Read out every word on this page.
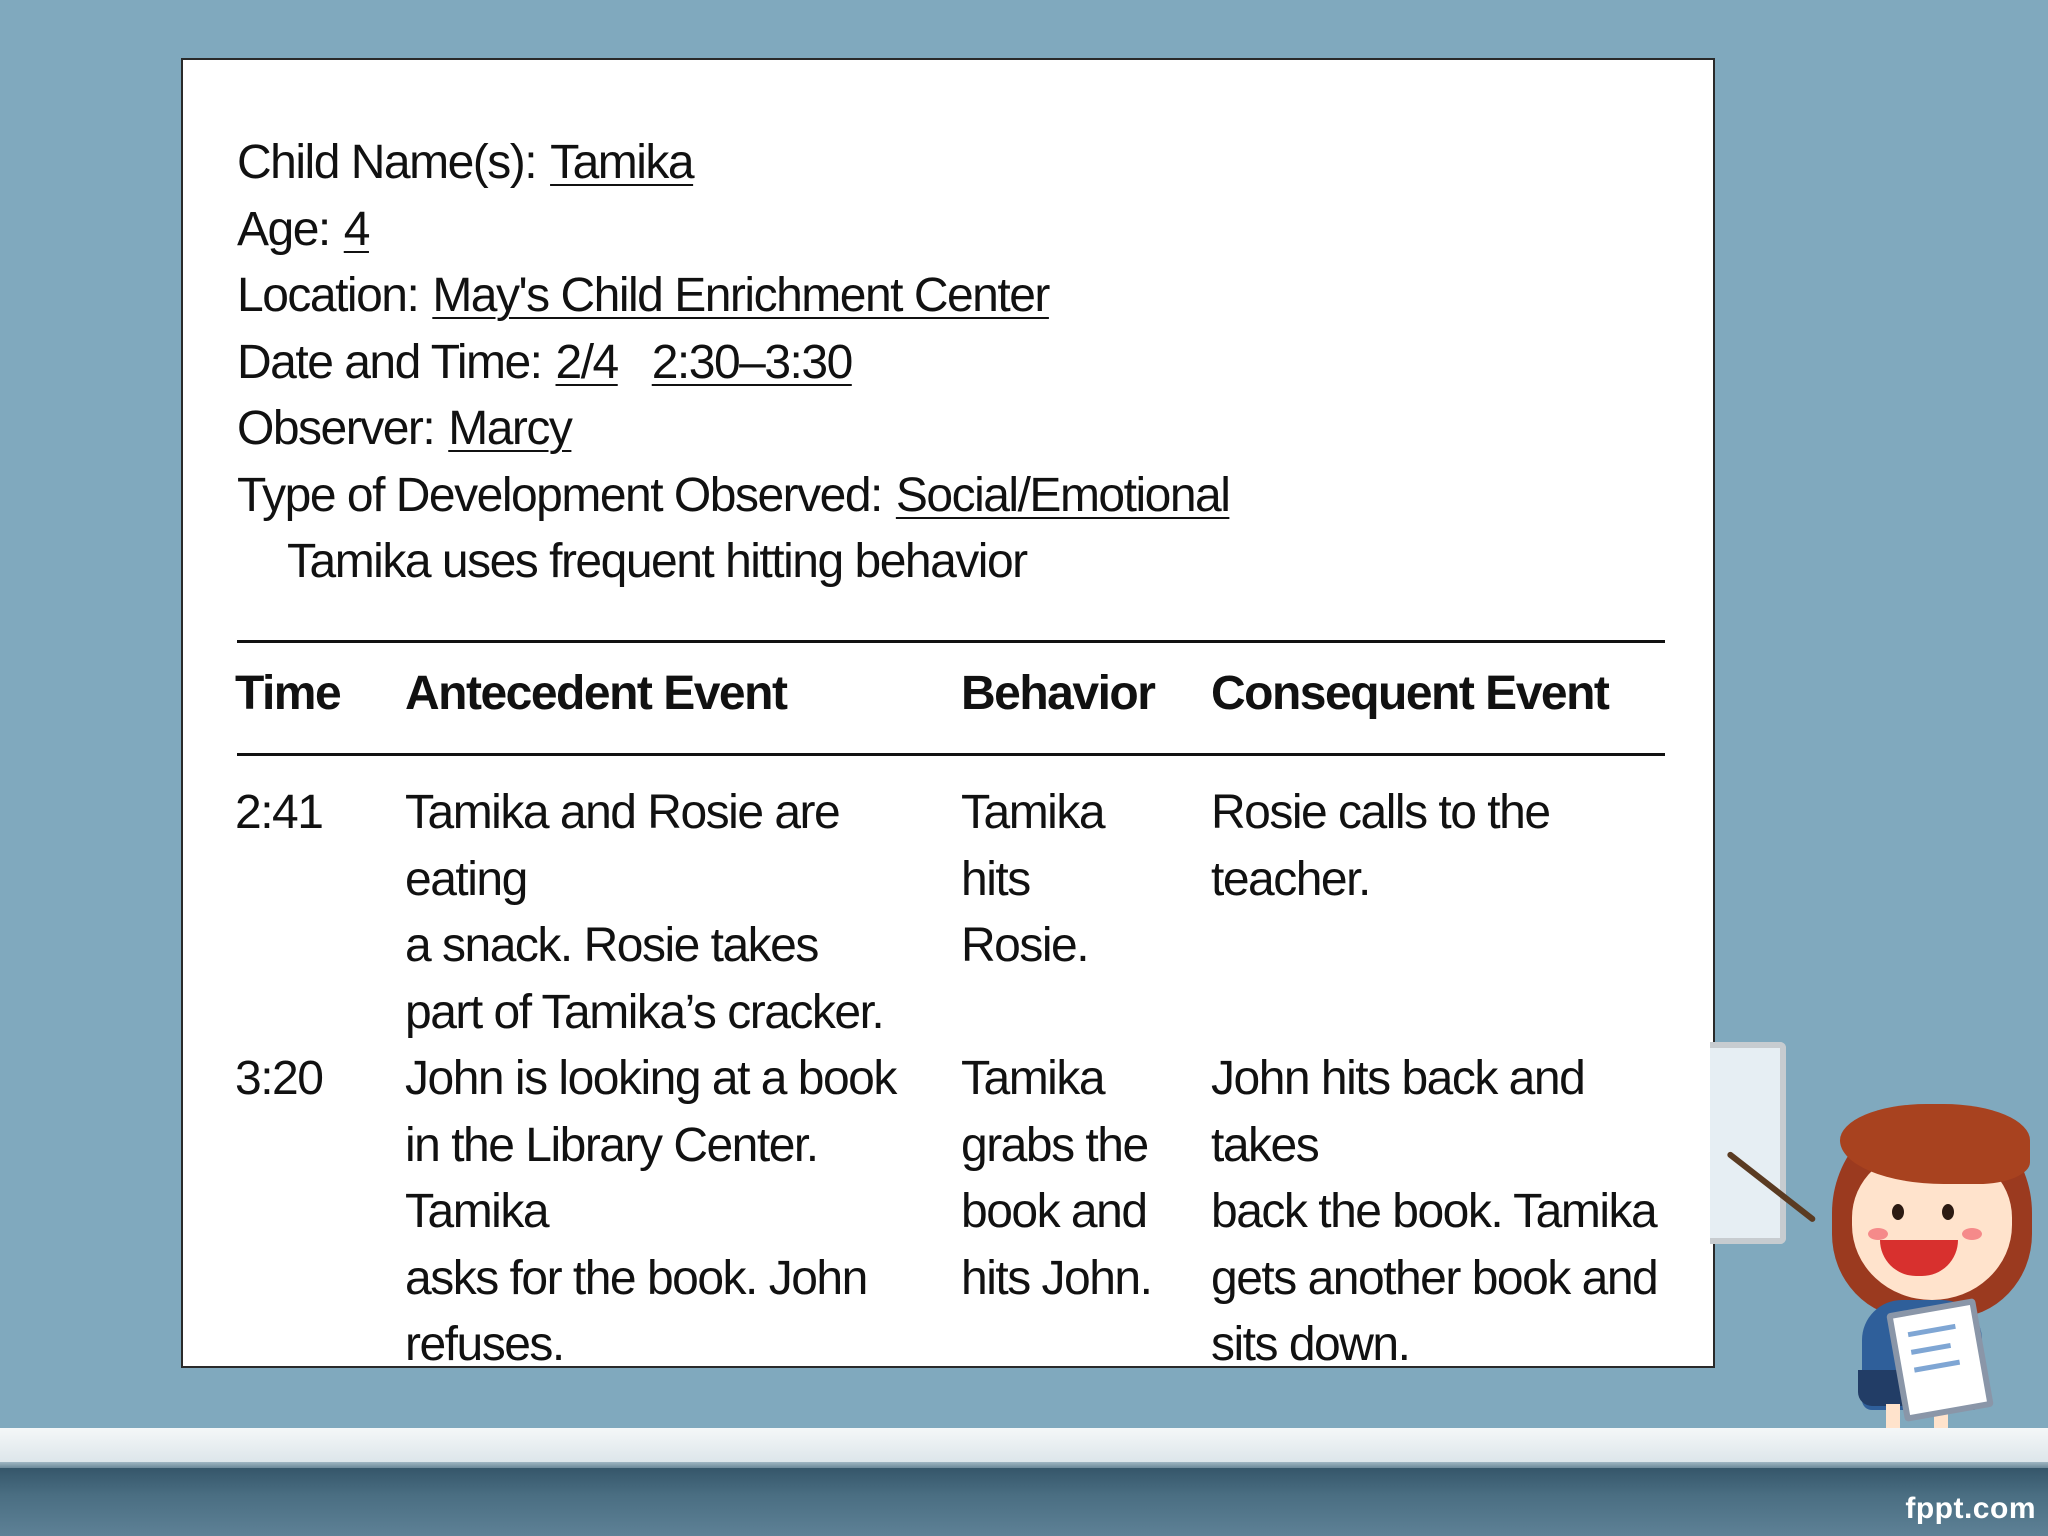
Child Name(s): Tamika
Age: 4
Location: May's Child Enrichment Center
Date and Time: 2/4 2:30–3:30
Observer: Marcy
Type of Development Observed: Social/Emotional
Tamika uses frequent hitting behavior
Time Antecedent Event	Behavior	Consequent Event
2:41 Tamika and Rosie are eating
a snack. Rosie takes
part of Tamika’s cracker.
Tamika hits
Rosie.
Rosie calls to the teacher.
3:20 John is looking at a book
in the Library Center. Tamika
asks for the book. John
refuses.
Tamika
grabs the
book and
hits John.
John hits back and takes
back the book. Tamika
gets another book and
sits down.
fppt.com
